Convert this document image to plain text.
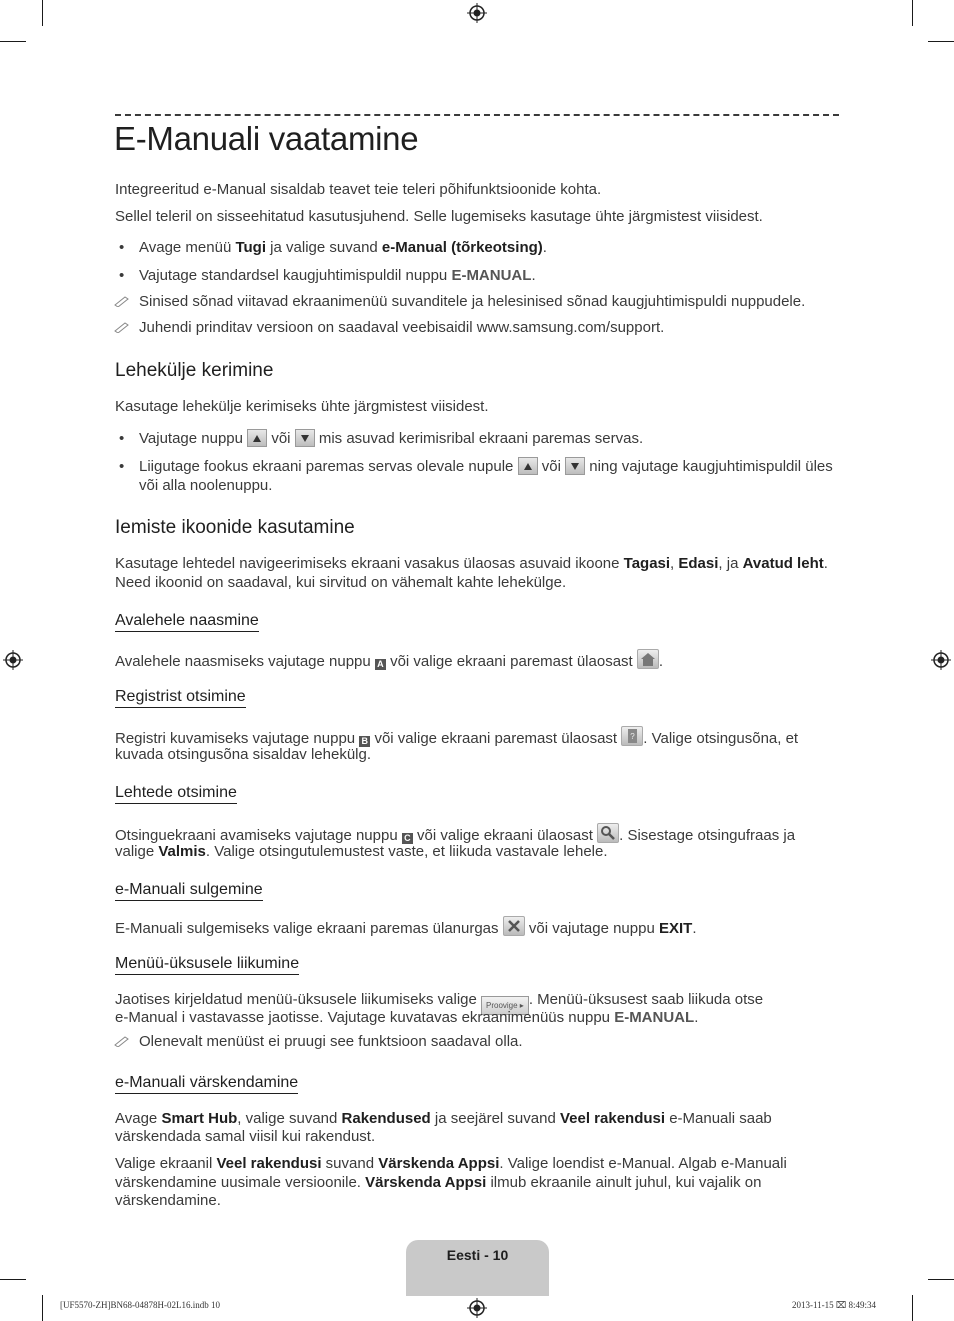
E-Manuali vaatamine
Integreeritud e-Manual sisaldab teavet teie teleri põhifunktsioonide kohta.
Sellel teleril on sisseehitatud kasutusjuhend. Selle lugemiseks kasutage ühte järgmistest viisidest.
• Avage menüü Tugi ja valige suvand e-Manual (tõrkeotsing).
• Vajutage standardsel kaugjuhtimispuldil nuppu E-MANUAL.
Sinised sõnad viitavad ekraanimenüü suvanditele ja helesinised sõnad kaugjuhtimispuldi nuppudele.
Juhendi prinditav versioon on saadaval veebisaidil www.samsung.com/support.
Lehekülje kerimine
Kasutage lehekülje kerimiseks ühte järgmistest viisidest.
• Vajutage nuppu  või  mis asuvad kerimisribal ekraani paremas servas.
• Liigutage fookus ekraani paremas servas olevale nupule  või  ning vajutage kaugjuhtimispuldil üles
või alla noolenuppu.
Iemiste ikoonide kasutamine
Kasutage lehtedel navigeerimiseks ekraani vasakus ülaosas asuvaid ikoone Tagasi, Edasi, ja Avatud leht.
Need ikoonid on saadaval, kui sirvitud on vähemalt kahte lehekülge.
Avalehele naasmine
Avalehele naasmiseks vajutage nuppu A või valige ekraani paremast ülaosast
.
Registrist otsimine
Registri kuvamiseks vajutage nuppu B või valige ekraani paremast ülaosast ? . Valige otsingusõna, et
kuvada otsingusõna sisaldav lehekülg.
Lehtede otsimine
Otsinguekraani avamiseks vajutage nuppu C või valige ekraani ülaosast
. Sisestage otsingufraas ja
valige Valmis. Valige otsingutulemustest vaste, et liikuda vastavale lehele.
e-Manuali sulgemine
E-Manuali sulgemiseks valige ekraani paremas ülanurgas
või vajutage nuppu EXIT.
Menüü-üksusele liikumine
Jaotises kirjeldatud menüü-üksusele liikumiseks valige Proovige ▸ . Menüü-üksusest saab liikuda otse
e-Manual i vastavasse jaotisse. Vajutage kuvatavas ekraanimenüüs nuppu E-MANUAL.
Olenevalt menüüst ei pruugi see funktsioon saadaval olla.
e-Manuali värskendamine
Avage Smart Hub, valige suvand Rakendused ja seejärel suvand Veel rakendusi e-Manuali saab
värskendada samal viisil kui rakendust.
Valige ekraanil Veel rakendusi suvand Värskenda Appsi. Valige loendist e-Manual. Algab e-Manuali
värskendamine uusimale versioonile. Värskenda Appsi ilmub ekraanile ainult juhul, kui vajalik on
värskendamine.
Eesti - 10
[UF5570-ZH]BN68-04878H-02L16.indb 10	2013-11-15 ⌧ 8:49:34
